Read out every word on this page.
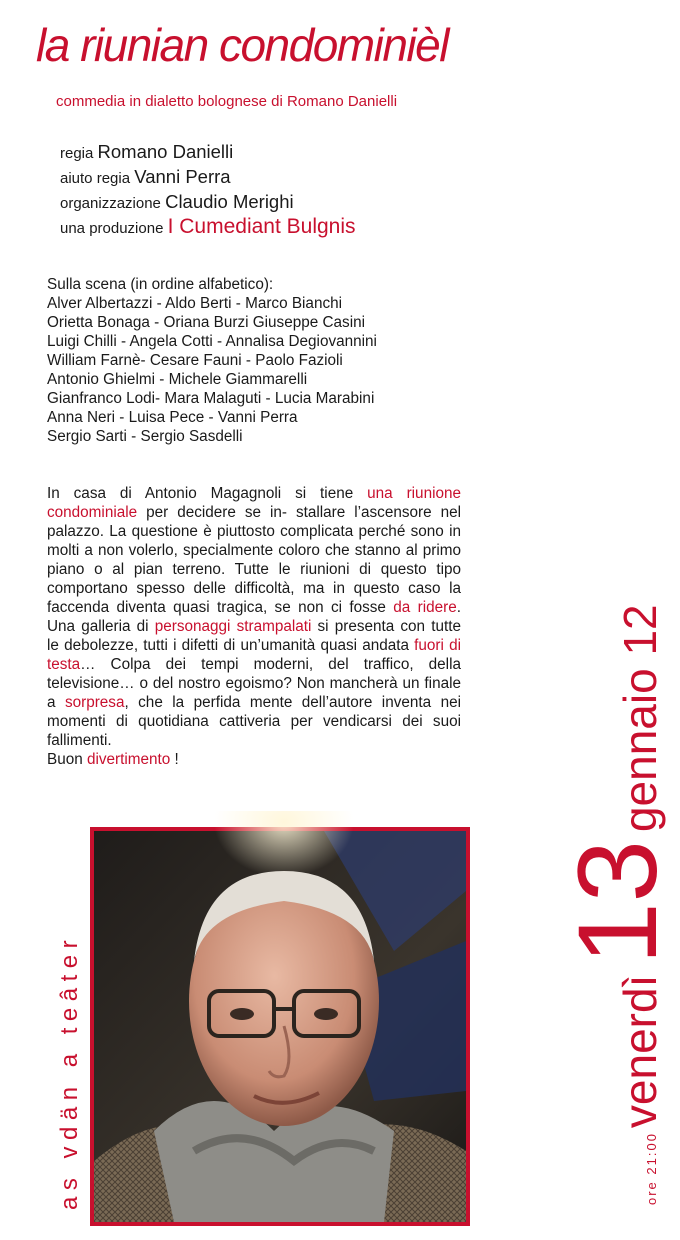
la riunian condominièl
commedia in dialetto bolognese di Romano Danielli
regia Romano Danielli
aiuto regia Vanni Perra
organizzazione Claudio Merighi
una produzione I Cumediant Bulgnis
Sulla scena (in ordine alfabetico):
Alver Albertazzi - Aldo Berti - Marco Bianchi
Orietta Bonaga - Oriana Burzi Giuseppe Casini
Luigi Chilli - Angela Cotti - Annalisa Degiovannini
William Farnè- Cesare Fauni - Paolo Fazioli
Antonio Ghielmi - Michele Giammarelli
Gianfranco Lodi- Mara Malaguti - Lucia Marabini
Anna Neri - Luisa Pece - Vanni Perra
Sergio Sarti - Sergio Sasdelli
In casa di Antonio Magagnoli si tiene una riunione condominiale per decidere se in- stallare l’ascensore nel palazzo. La questione è piuttosto complicata perché sono in molti a non volerlo, specialmente coloro che stanno al primo piano o al pian terreno. Tutte le riunioni di questo tipo comportano spesso delle difficoltà, ma in questo caso la faccenda diventa quasi tragica, se non ci fosse da ridere. Una galleria di personaggi strampalati si presenta con tutte le debolezze, tutti i difetti di un’umanità quasi andata fuori di testa… Colpa dei tempi moderni, del traffico, della televisione… o del nostro egoismo? Non mancherà un finale a sorpresa, che la perfida mente dell’autore inventa nei momenti di quotidiana cattiveria per vendicarsi dei suoi fallimenti.
Buon divertimento !
as vdän a teâter	ore 21:00venerdì13gennaio 12
